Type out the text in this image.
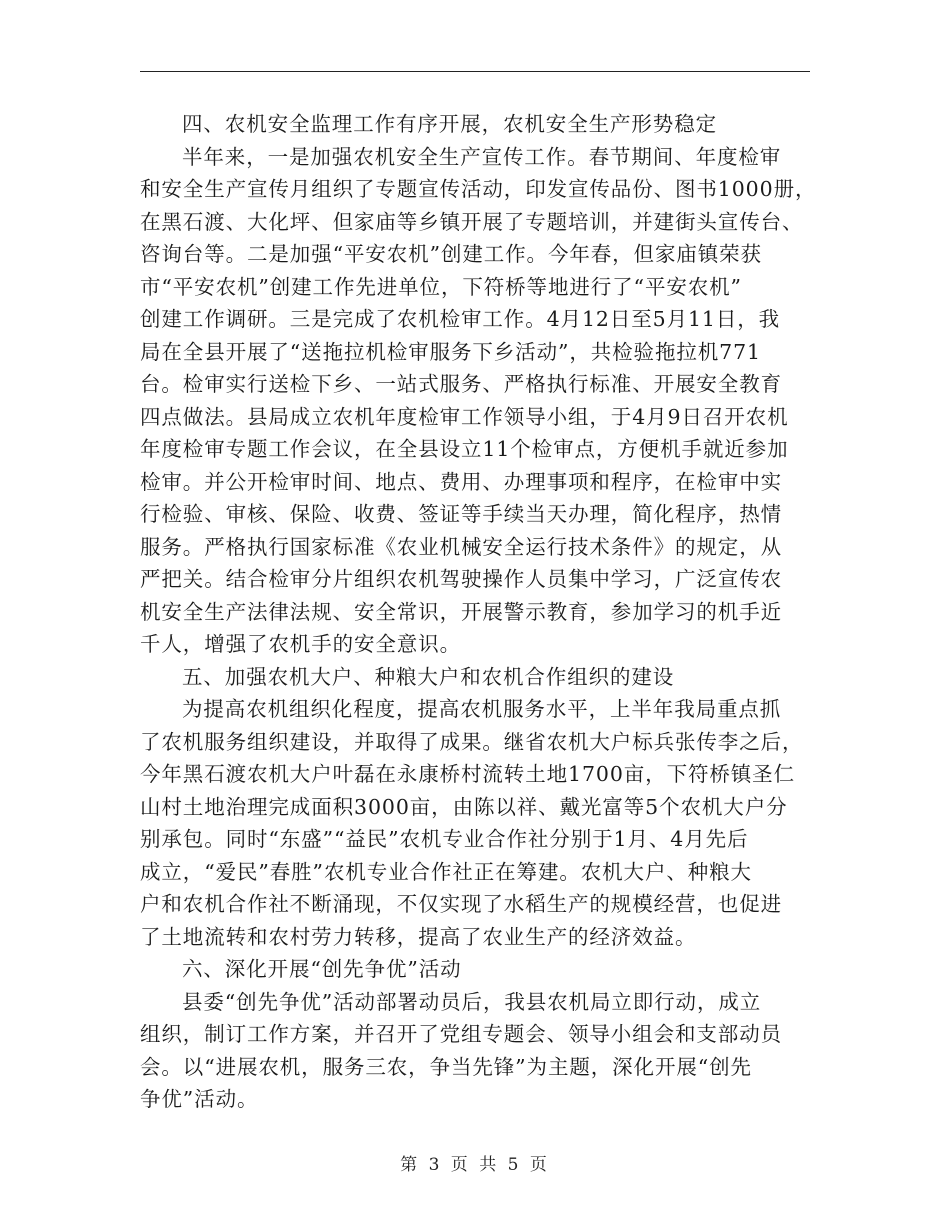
四、农机安全监理工作有序开展，农机安全生产形势稳定
半年来，一是加强农机安全生产宣传工作。春节期间、年度检审
和安全生产宣传月组织了专题宣传活动，印发宣传品份、图书1000册，
在黑石渡、大化坪、但家庙等乡镇开展了专题培训，并建街头宣传台、
咨询台等。二是加强“平安农机”创建工作。今年春，但家庙镇荣获
市“平安农机”创建工作先进单位，下符桥等地进行了“平安农机”
创建工作调研。三是完成了农机检审工作。4月12日至5月11日，我
局在全县开展了“送拖拉机检审服务下乡活动”，共检验拖拉机771
台。检审实行送检下乡、一站式服务、严格执行标准、开展安全教育
四点做法。县局成立农机年度检审工作领导小组，于4月9日召开农机
年度检审专题工作会议，在全县设立11个检审点，方便机手就近参加
检审。并公开检审时间、地点、费用、办理事项和程序，在检审中实
行检验、审核、保险、收费、签证等手续当天办理，简化程序，热情
服务。严格执行国家标准《农业机械安全运行技术条件》的规定，从
严把关。结合检审分片组织农机驾驶操作人员集中学习，广泛宣传农
机安全生产法律法规、安全常识，开展警示教育，参加学习的机手近
千人，增强了农机手的安全意识。
五、加强农机大户、种粮大户和农机合作组织的建设
为提高农机组织化程度，提高农机服务水平，上半年我局重点抓
了农机服务组织建设，并取得了成果。继省农机大户标兵张传李之后，
今年黑石渡农机大户叶磊在永康桥村流转土地1700亩，下符桥镇圣仁
山村土地治理完成面积3000亩，由陈以祥、戴光富等5个农机大户分
别承包。同时“东盛”“益民”农机专业合作社分别于1月、4月先后
成立，“爱民”春胜”农机专业合作社正在筹建。农机大户、种粮大
户和农机合作社不断涌现，不仅实现了水稻生产的规模经营，也促进
了土地流转和农村劳力转移，提高了农业生产的经济效益。
六、深化开展“创先争优”活动
县委“创先争优”活动部署动员后，我县农机局立即行动，成立
组织，制订工作方案，并召开了党组专题会、领导小组会和支部动员
会。以“进展农机，服务三农，争当先锋”为主题，深化开展“创先
争优”活动。
第 3 页 共 5 页
